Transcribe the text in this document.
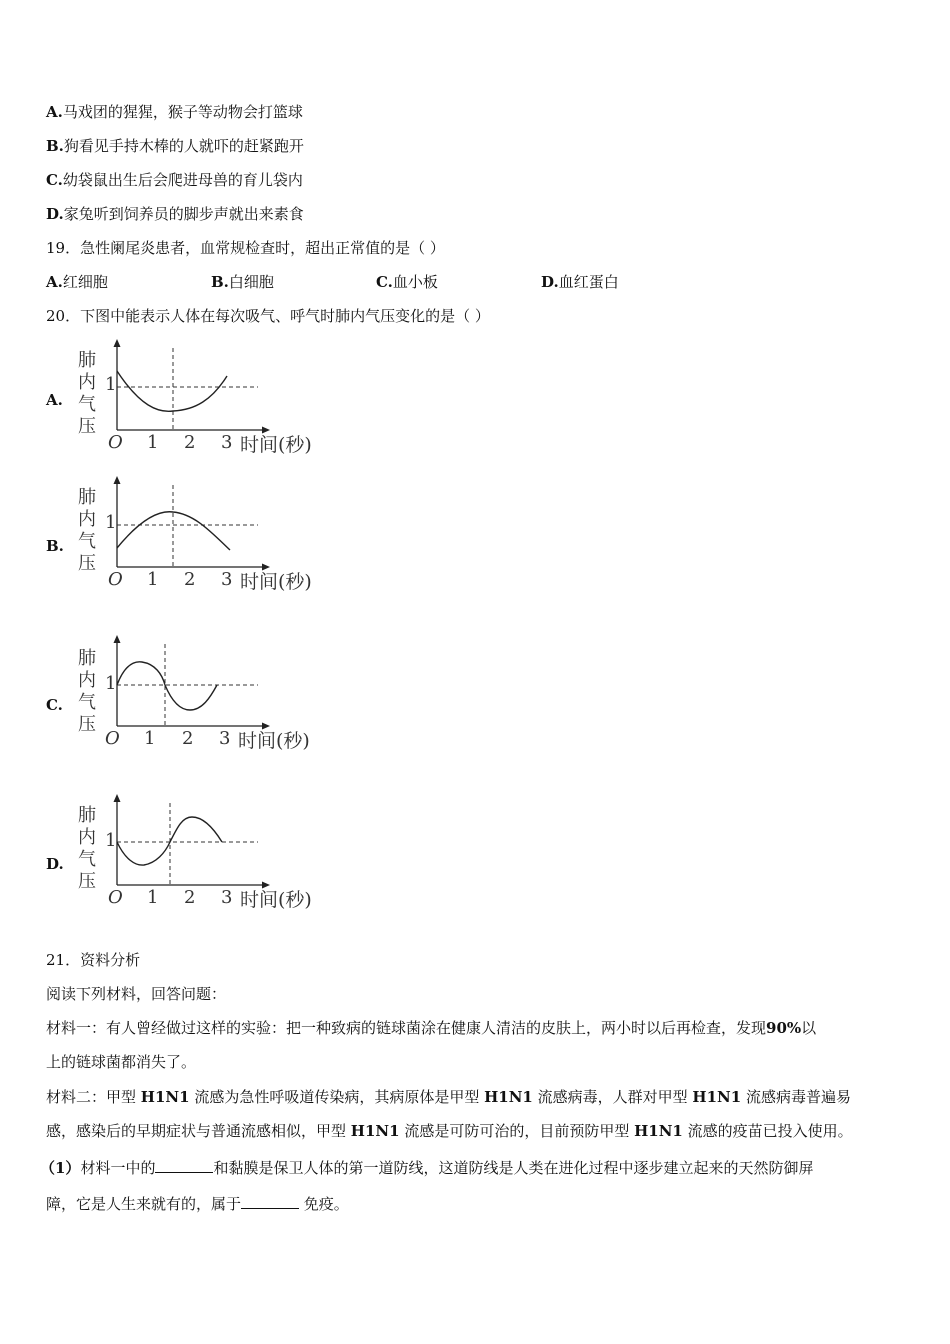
A.马戏团的猩猩，猴子等动物会打篮球
B.狗看见手持木棒的人就吓的赶紧跑开
C.幼袋鼠出生后会爬进母兽的育儿袋内
D.家兔听到饲养员的脚步声就出来素食
19．急性阑尾炎患者，血常规检查时，超出正常值的是（ ）
A.红细胞	B.白细胞	C.血小板	D.血红蛋白
20．下图中能表示人体在每次吸气、呼气时肺内气压变化的是（ ）
A.
肺
内
气
压
1
O 1 2 3 时间(秒)
B.
肺
内
气
压
1
O 1 2 3 时间(秒)
C.
肺
内
气
压
1
O 1 2 3 时间(秒)
D.
肺
内
气
压
1
O 1 2 3 时间(秒)
21．资料分析
阅读下列材料，回答问题：
材料一：有人曾经做过这样的实验：把一种致病的链球菌涂在健康人清洁的皮肤上，两小时以后再检查，发现90%以
上的链球菌都消失了。
材料二：甲型 H1N1 流感为急性呼吸道传染病，其病原体是甲型 H1N1 流感病毒，人群对甲型 H1N1 流感病毒普遍易
感，感染后的早期症状与普通流感相似，甲型 H1N1 流感是可防可治的，目前预防甲型 H1N1 流感的疫苗已投入使用。
（1）材料一中的	和黏膜是保卫人体的第一道防线，这道防线是人类在进化过程中逐步建立起来的天然防御屏
障，它是人生来就有的，属于	免疫。
